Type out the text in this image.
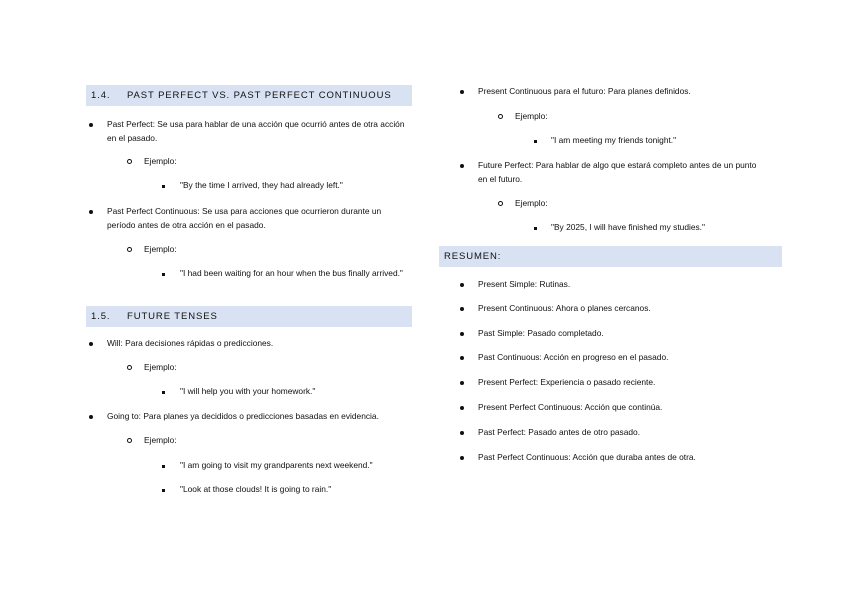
1.4. PAST PERFECT VS. PAST PERFECT CONTINUOUS
Past Perfect: Se usa para hablar de una acción que ocurrió antes de otra acción en el pasado.
Ejemplo:
"By the time I arrived, they had already left."
Past Perfect Continuous: Se usa para acciones que ocurrieron durante un período antes de otra acción en el pasado.
Ejemplo:
"I had been waiting for an hour when the bus finally arrived."
1.5. FUTURE TENSES
Will: Para decisiones rápidas o predicciones.
Ejemplo:
"I will help you with your homework."
Going to: Para planes ya decididos o predicciones basadas en evidencia.
Ejemplo:
"I am going to visit my grandparents next weekend."
"Look at those clouds! It is going to rain."
Present Continuous para el futuro: Para planes definidos.
Ejemplo:
"I am meeting my friends tonight."
Future Perfect: Para hablar de algo que estará completo antes de un punto en el futuro.
Ejemplo:
"By 2025, I will have finished my studies."
RESUMEN:
Present Simple: Rutinas.
Present Continuous: Ahora o planes cercanos.
Past Simple: Pasado completado.
Past Continuous: Acción en progreso en el pasado.
Present Perfect: Experiencia o pasado reciente.
Present Perfect Continuous: Acción que continúa.
Past Perfect: Pasado antes de otro pasado.
Past Perfect Continuous: Acción que duraba antes de otra.
